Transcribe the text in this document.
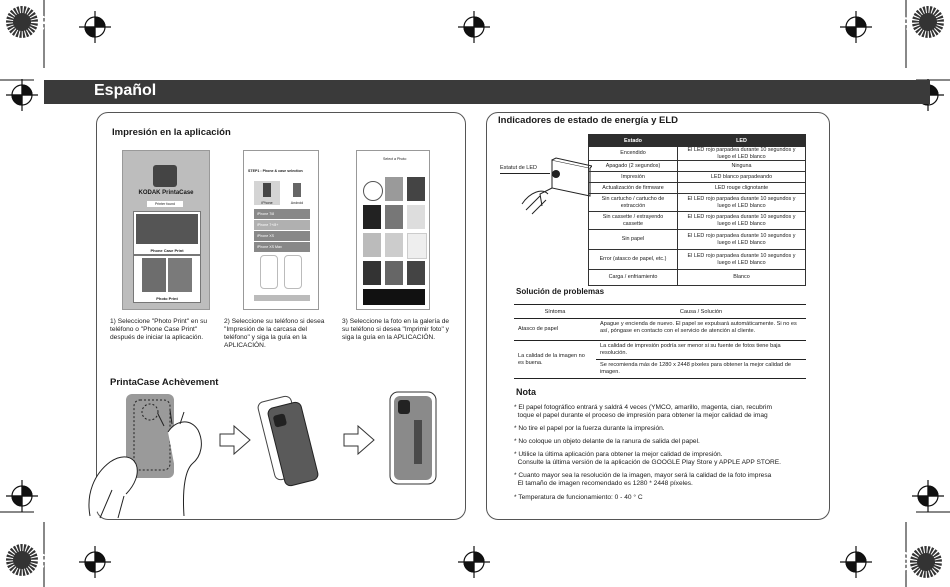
Español
Impresión en la aplicación
KODAK PrintaCase
Printer found
Phone Case Print
Photo Print
STEP1 : Phone & case selection
iPhone	Android
iPhone 7/8
iPhone 7+/8+
iPhone XS
iPhone XS Max
Select a Photo
1) Seleccione "Photo Print" en su teléfono o "Phone Case Print" después de iniciar la aplicación.
2) Seleccione su teléfono si desea "Impresión de la carcasa del teléfono" y siga la guía en la APLICACIÓN.
3) Seleccione la foto en la galería de su teléfono si desea "Imprimir foto" y siga la guía en la APLICACIÓN.
PrintaCase Achèvement
Indicadores de estado de energía y ELD
Estatut de LED
Estado	LED
Encendido	El LED rojo parpadea durante 10 segundos y luego el LED blanco
Apagado (2 segundos)	Ninguna
Impresión	LED blanco parpadeando
Actualización de firmware	LED rouge clignotante
Sin cartucho / cartucho de extracción	El LED rojo parpadea durante 10 segundos y luego el LED blanco
Sin cassette / extrayendo cassette	El LED rojo parpadea durante 10 segundos y luego el LED blanco
Sin papel	El LED rojo parpadea durante 10 segundos y luego el LED blanco
Error (atasco de papel, etc.)	El LED rojo parpadea durante 10 segundos y luego el LED blanco
Carga / enfriamiento	Blanco
Solución de problemas
Síntoma	Causa / Solución
Atasco de papel	Apague y encienda de nuevo. El papel se expulsará automáticamente. Si no es así, póngase en contacto con el servicio de atención al cliente.
La calidad de la imagen no es buena.	La calidad de impresión podría ser menor si su fuente de fotos tiene baja resolución.
	Se recomienda más de 1280 x 2448 píxeles para obtener la mejor calidad de imagen.
Nota
* El papel fotográfico entrará y saldrá 4 veces (YMCO, amarillo, magenta, cian, recubrim
toque el papel durante el proceso de impresión para obtener la mejor calidad de imag
* No tire el papel por la fuerza durante la impresión.
* No coloque un objeto delante de la ranura de salida del papel.
* Utilice la última aplicación para obtener la mejor calidad de impresión.
Consulte la última versión de la aplicación de GOOGLE Play Store y APPLE APP STORE.
* Cuanto mayor sea la resolución de la imagen, mayor será la calidad de la foto impresa
El tamaño de imagen recomendado es 1280 * 2448 píxeles.
* Temperatura de funcionamiento: 0 - 40 ° C
